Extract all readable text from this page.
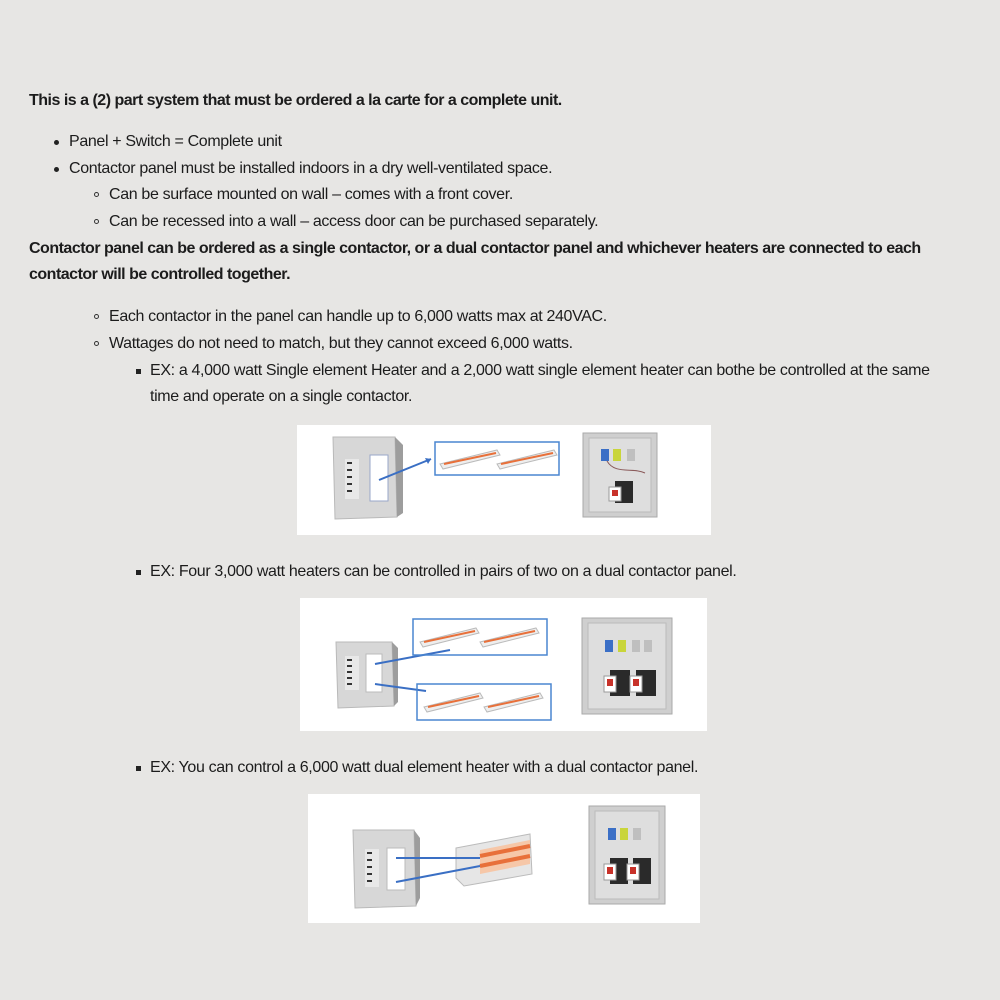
This is a (2) part system that must be ordered a la carte for a complete unit.
Panel + Switch = Complete unit
Contactor panel must be installed indoors in a dry well-ventilated space.
Can be surface mounted on wall – comes with a front cover.
Can be recessed into a wall – access door can be purchased separately.
Contactor panel can be ordered as a single contactor, or a dual contactor panel and whichever heaters are connected to each
contactor will be controlled together.
Each contactor in the panel can handle up to 6,000 watts max at 240VAC.
Wattages do not need to match, but they cannot exceed 6,000 watts.
EX: a 4,000 watt Single element Heater and a 2,000 watt single element heater can bothe be controlled at the same
time and operate on a single contactor.
EX: Four 3,000 watt heaters can be controlled in pairs of two on a dual contactor panel.
EX: You can control a 6,000 watt dual element heater with a dual contactor panel.
